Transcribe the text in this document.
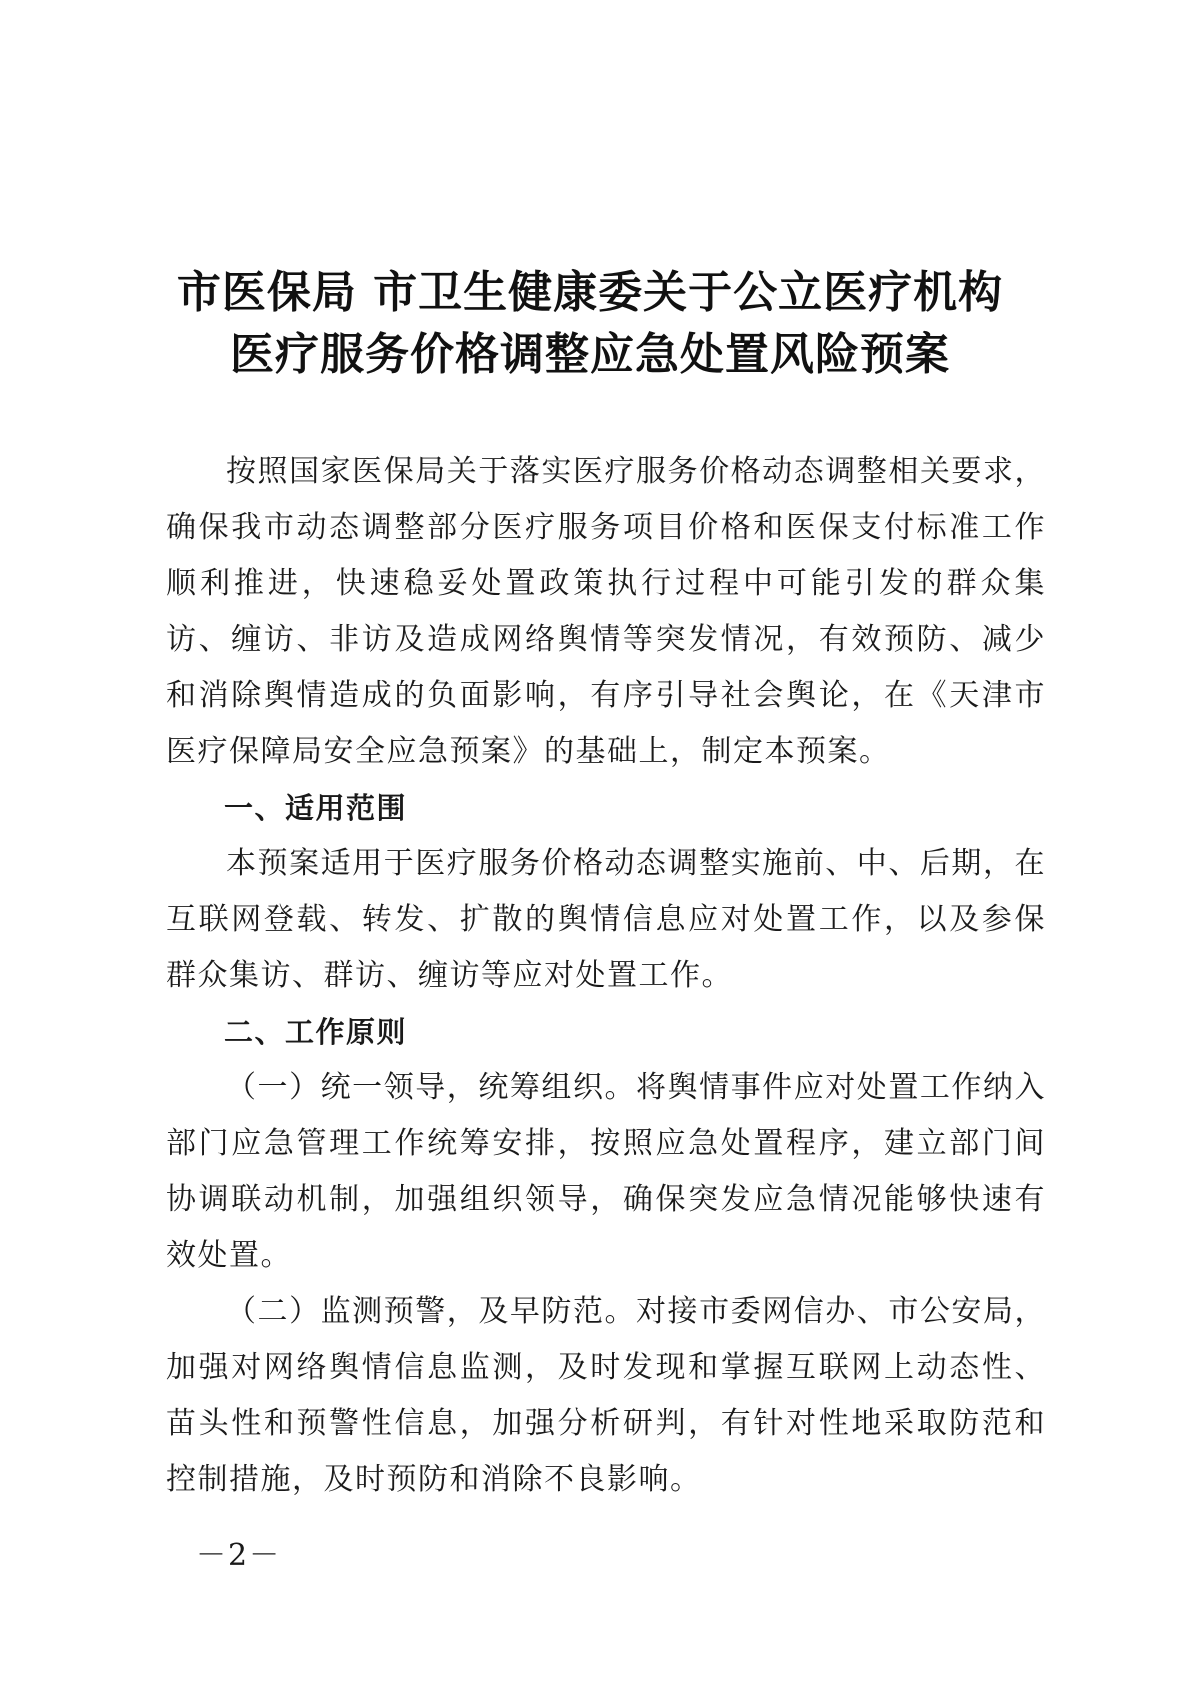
市医保局 市卫生健康委关于公立医疗机构
医疗服务价格调整应急处置风险预案

按照国家医保局关于落实医疗服务价格动态调整相关要求，确保我市动态调整部分医疗服务项目价格和医保支付标准工作顺利推进，快速稳妥处置政策执行过程中可能引发的群众集访、缠访、非访及造成网络舆情等突发情况，有效预防、减少和消除舆情造成的负面影响，有序引导社会舆论，在《天津市医疗保障局安全应急预案》的基础上，制定本预案。

一、适用范围

本预案适用于医疗服务价格动态调整实施前、中、后期，在互联网登载、转发、扩散的舆情信息应对处置工作，以及参保群众集访、群访、缠访等应对处置工作。

二、工作原则

（一）统一领导，统筹组织。将舆情事件应对处置工作纳入部门应急管理工作统筹安排，按照应急处置程序，建立部门间协调联动机制，加强组织领导，确保突发应急情况能够快速有效处置。

（二）监测预警，及早防范。对接市委网信办、市公安局，加强对网络舆情信息监测，及时发现和掌握互联网上动态性、苗头性和预警性信息，加强分析研判，有针对性地采取防范和控制措施，及时预防和消除不良影响。

－2－
